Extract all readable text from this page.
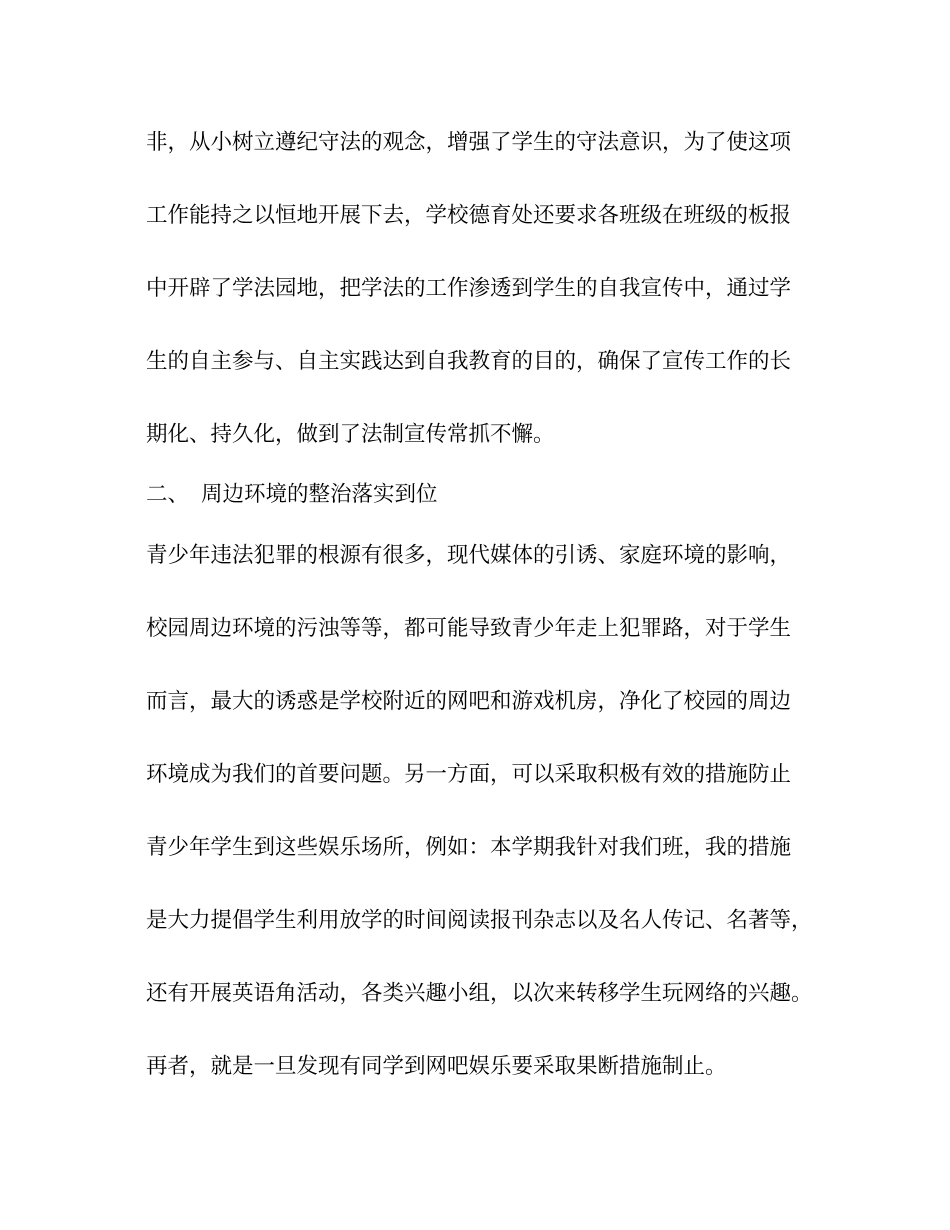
非，从小树立遵纪守法的观念，增强了学生的守法意识，为了使这项
工作能持之以恒地开展下去，学校德育处还要求各班级在班级的板报
中开辟了学法园地，把学法的工作渗透到学生的自我宣传中，通过学
生的自主参与、自主实践达到自我教育的目的，确保了宣传工作的长
期化、持久化，做到了法制宣传常抓不懈。
二、 周边环境的整治落实到位
青少年违法犯罪的根源有很多，现代媒体的引诱、家庭环境的影响，
校园周边环境的污浊等等，都可能导致青少年走上犯罪路，对于学生
而言，最大的诱惑是学校附近的网吧和游戏机房，净化了校园的周边
环境成为我们的首要问题。另一方面，可以采取积极有效的措施防止
青少年学生到这些娱乐场所，例如：本学期我针对我们班，我的措施
是大力提倡学生利用放学的时间阅读报刊杂志以及名人传记、名著等，
还有开展英语角活动，各类兴趣小组，以次来转移学生玩网络的兴趣。
再者，就是一旦发现有同学到网吧娱乐要采取果断措施制止。
